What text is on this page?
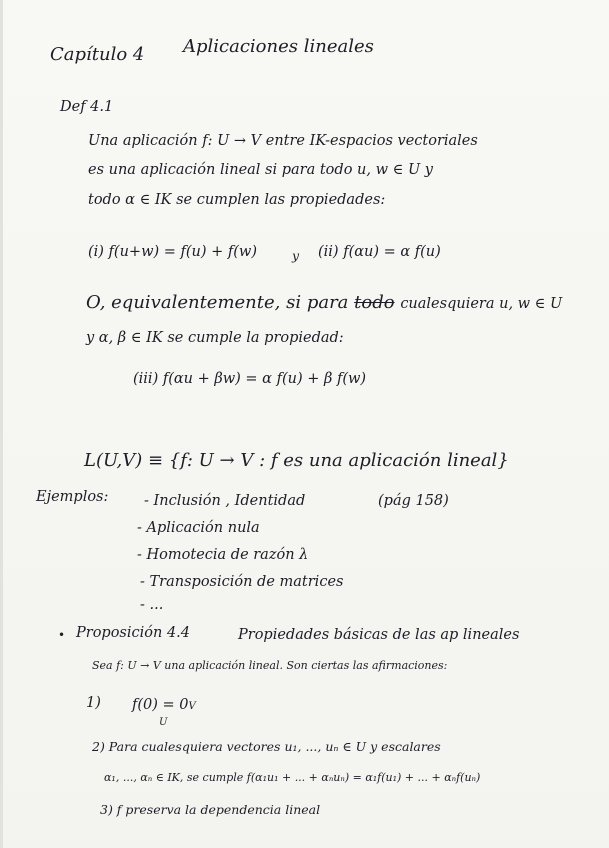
Capítulo 4 Aplicaciones lineales
Def 4.1
Una aplicación f: U → V entre IK-espacios vectoriales
es una aplicación lineal si para todo u, w ∈ U y
todo α ∈ IK se cumplen las propiedades:
(i) f(u+w) = f(u) + f(w)	y (ii) f(αu) = α f(u)
O, equivalentemente, si para todo cualesquiera u, w ∈ U
y α, β ∈ IK se cumple la propiedad:
(iii) f(αu + βw) = α f(u) + β f(w)
L(U,V) ≡ {f: U → V : f es una aplicación lineal}
Ejemplos: - Inclusión , Identidad	(pág 158)
- Aplicación nula
- Homotecia de razón λ
- Transposición de matrices
- ...
• Proposición 4.4	Propiedades básicas de las ap lineales
Sea f: U → V una aplicación lineal. Son ciertas las afirmaciones:
1) f(0) = 0V
U
2) Para cualesquiera vectores u₁, ..., uₙ ∈ U y escalares
α₁, ..., αₙ ∈ IK, se cumple f(α₁u₁ + ... + αₙuₙ) = α₁f(u₁) + ... + αₙf(uₙ)
3) f preserva la dependencia lineal
